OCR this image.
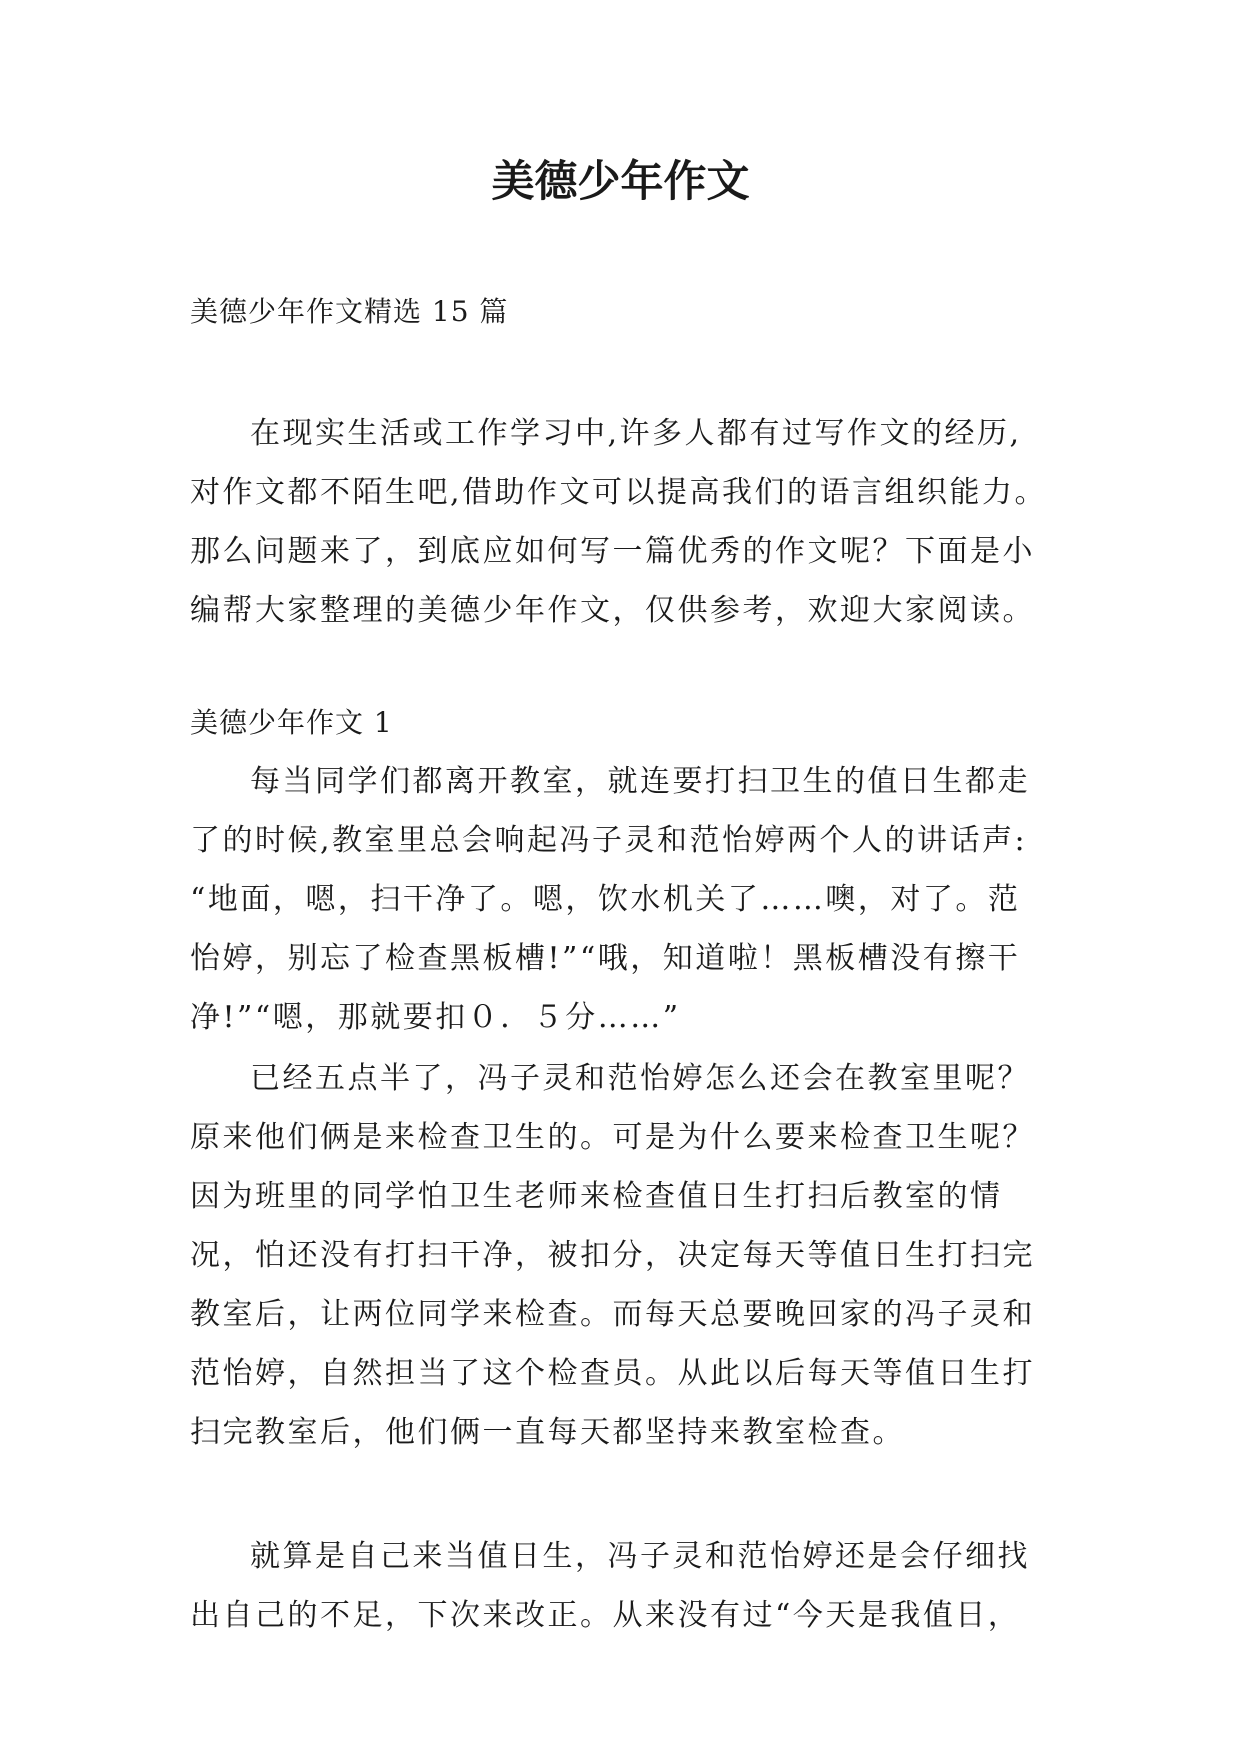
美德少年作文

美德少年作文精选 15 篇

在现实生活或工作学习中,许多人都有过写作文的经历,
对作文都不陌生吧,借助作文可以提高我们的语言组织能力。
那么问题来了，到底应如何写一篇优秀的作文呢？下面是小
编帮大家整理的美德少年作文，仅供参考，欢迎大家阅读。

美德少年作文 1

每当同学们都离开教室，就连要打扫卫生的值日生都走
了的时候,教室里总会响起冯子灵和范怡婷两个人的讲话声:
“地面，嗯，扫干净了。嗯，饮水机关了……噢，对了。范
怡婷，别忘了检查黑板槽!”“哦，知道啦！黑板槽没有擦干
净!”“嗯，那就要扣０．５分……”

已经五点半了，冯子灵和范怡婷怎么还会在教室里呢？
原来他们俩是来检查卫生的。可是为什么要来检查卫生呢？
因为班里的同学怕卫生老师来检查值日生打扫后教室的情
况，怕还没有打扫干净，被扣分，决定每天等值日生打扫完
教室后，让两位同学来检查。而每天总要晚回家的冯子灵和
范怡婷，自然担当了这个检查员。从此以后每天等值日生打
扫完教室后，他们俩一直每天都坚持来教室检查。

就算是自己来当值日生，冯子灵和范怡婷还是会仔细找
出自己的不足，下次来改正。从来没有过“今天是我值日，
